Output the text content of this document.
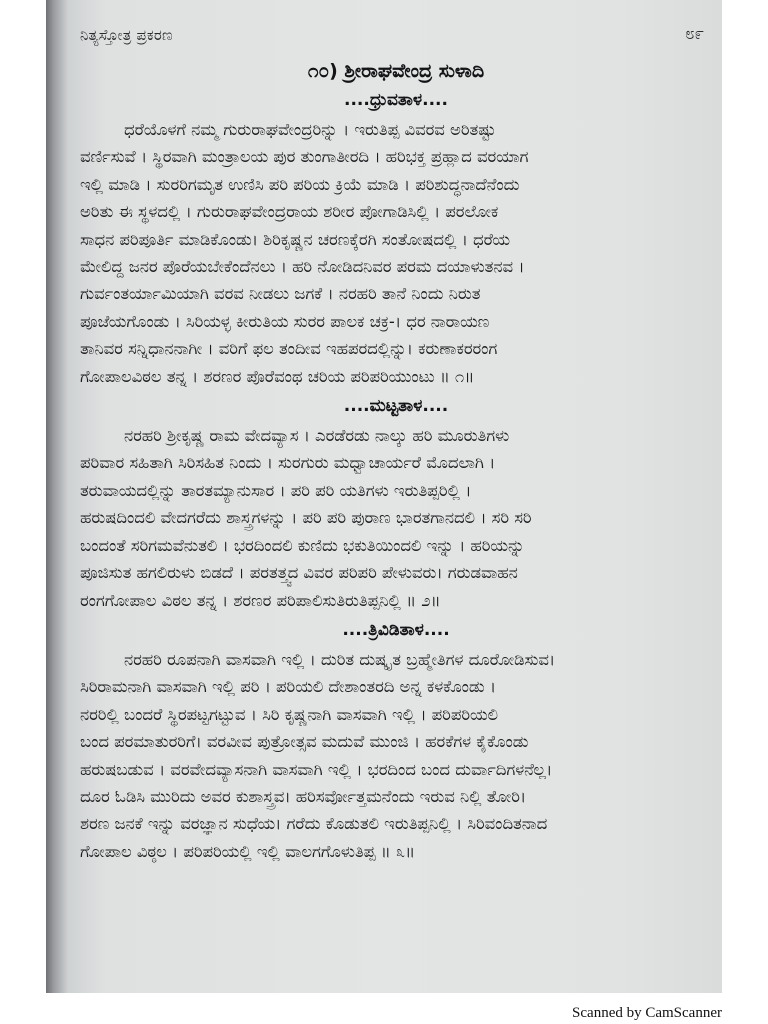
ನಿತ್ಯಸ್ತೋತ್ರ ಪ್ರಕರಣ	೮೯
೧೦) ಶ್ರೀರಾಘವೇಂದ್ರ ಸುಳಾದಿ
....ಧ್ರುವತಾಳ....
ಧರೆಯೊಳಗೆ ನಮ್ಮ ಗುರುರಾಘವೇಂದ್ರರಿನ್ನು । ಇರುತಿಪ್ಪ ವಿವರವ ಅರಿತಷ್ಟು
ವರ್ಣಿಸುವೆ । ಸ್ಥಿರವಾಗಿ ಮಂತ್ರಾಲಯ ಪುರ ತುಂಗಾತೀರದಿ । ಹರಿಭಕ್ತ ಪ್ರಹ್ಲಾದ ವರಯಾಗ
ಇಲ್ಲಿ ಮಾಡಿ । ಸುರರಿಗಮೃತ ಉಣಿಸಿ ಪರಿ ಪರಿಯ ಕ್ರಿಯೆ ಮಾಡಿ । ಪರಿಶುದ್ಧನಾದೆನೆಂದು
ಅರಿತು ಈ ಸ್ಥಳದಲ್ಲಿ । ಗುರುರಾಘವೇಂದ್ರರಾಯ ಶರೀರ ಪೋಗಾಡಿಸಿಲ್ಲಿ । ಪರಲೋಕ
ಸಾಧನ ಪರಿಪೂರ್ತಿ ಮಾಡಿಕೊಂಡು। ಶಿರಿಕೃಷ್ಣನ ಚರಣಕ್ಕೆರಗಿ ಸಂತೋಷದಲ್ಲಿ । ಧರೆಯ
ಮೇಲಿದ್ದ ಜನರ ಪೊರೆಯಬೇಕೆಂದೆನಲು । ಹರಿ ನೋಡಿದನಿವರ ಪರಮ ದಯಾಳುತನವ ।
ಗುರ್ವಂತರ್ಯಾಮಿಯಾಗಿ ವರವ ನೀಡಲು ಜಗಕೆ । ನರಹರಿ ತಾನೆ ನಿಂದು ನಿರುತ
ಪೂಜೆಯಗೊಂಡು । ಸಿರಿಯಳ್ಳ ಕೀರುತಿಯ ಸುರರ ಪಾಲಕ ಚಕ್ರ-। ಧರ ನಾರಾಯಣ
ತಾನಿವರ ಸನ್ನಿಧಾನನಾಗೀ । ವರಿಗೆ ಫಲ ತಂದೀವ ಇಹಪರದಲ್ಲಿನ್ನು। ಕರುಣಾಕರರಂಗ
ಗೋಪಾಲವಿಠಲ ತನ್ನ । ಶರಣರ ಪೊರೆವಂಥ ಚರಿಯ ಪರಿಪರಿಯುಂಟು ॥ ೧॥
....ಮಟ್ಟತಾಳ....
ನರಹರಿ ಶ್ರೀಕೃಷ್ಣ ರಾಮ ವೇದವ್ಯಾಸ । ಎರಡೆರಡು ನಾಲ್ಕು ಹರಿ ಮೂರುತಿಗಳು
ಪರಿವಾರ ಸಹಿತಾಗಿ ಸಿರಿಸಹಿತ ನಿಂದು । ಸುರಗುರು ಮಧ್ವಾಚಾರ್ಯರೆ ಮೊದಲಾಗಿ ।
ತರುವಾಯದಲ್ಲಿನ್ನು ತಾರತಮ್ಯಾನುಸಾರ । ಪರಿ ಪರಿ ಯತಿಗಳು ಇರುತಿಪ್ಪರಿಲ್ಲಿ ।
ಹರುಷದಿಂದಲಿ ವೇದಗರೆದು ಶಾಸ್ತ್ರಗಳನ್ನು । ಪರಿ ಪರಿ ಪುರಾಣ ಭಾರತಗಾನದಲಿ । ಸರಿ ಸರಿ
ಬಂದಂತೆ ಸರಿಗಮವೆನುತಲಿ । ಭರದಿಂದಲಿ ಕುಣಿದು ಭಕುತಿಯಿಂದಲಿ ಇನ್ನು । ಹರಿಯನ್ನು
ಪೂಜಿಸುತ ಹಗಲಿರುಳು ಬಿಡದೆ । ಪರತತ್ತ್ವದ ವಿವರ ಪರಿಪರಿ ಪೇಳುವರು। ಗರುಡವಾಹನ
ರಂಗಗೋಪಾಲ ವಿಠಲ ತನ್ನ । ಶರಣರ ಪರಿಪಾಲಿಸುತಿರುತಿಪ್ಪನಿಲ್ಲಿ ॥ ೨॥
....ತ್ರಿವಿಡಿತಾಳ....
ನರಹರಿ ರೂಪನಾಗಿ ವಾಸವಾಗಿ ಇಲ್ಲಿ । ದುರಿತ ದುಷ್ಕೃತ ಬ್ರಹ್ಮೇತಿಗಳ ದೂರೋಡಿಸುವ।
ಸಿರಿರಾಮನಾಗಿ ವಾಸವಾಗಿ ಇಲ್ಲಿ ಪರಿ । ಪರಿಯಲಿ ದೇಶಾಂತರದಿ ಅನ್ನ ಕಳಕೊಂಡು ।
ನರರಿಲ್ಲಿ ಬಂದರೆ ಸ್ಥಿರಪಟ್ಟಗಟ್ಟುವ । ಸಿರಿ ಕೃಷ್ಣನಾಗಿ ವಾಸವಾಗಿ ಇಲ್ಲಿ । ಪರಿಪರಿಯಲಿ
ಬಂದ ಪರಮಾತುರರಿಗೆ। ವರವೀವ ಪುತ್ರೋತ್ಸವ ಮದುವೆ ಮುಂಜಿ । ಹರಕೆಗಳ ಕೈಕೊಂಡು
ಹರುಷಬಡುವ । ವರವೇದವ್ಯಾಸನಾಗಿ ವಾಸವಾಗಿ ಇಲ್ಲಿ । ಭರದಿಂದ ಬಂದ ದುರ್ವಾದಿಗಳನೆಲ್ಲ।
ದೂರ ಓಡಿಸಿ ಮುರಿದು ಅವರ ಕುಶಾಸ್ತ್ರವ। ಹರಿಸರ್ವೋತ್ತಮನೆಂದು ಇರುವ ನಿಲ್ಲಿ ತೋರಿ।
ಶರಣ ಜನಕೆ ಇನ್ನು ವರಜ್ಞಾನ ಸುಧೆಯ। ಗರೆದು ಕೊಡುತಲಿ ಇರುತಿಪ್ಪನಿಲ್ಲಿ । ಸಿರಿವಂದಿತನಾದ
ಗೋಪಾಲ ವಿಠ್ಠಲ । ಪರಿಪರಿಯಲ್ಲಿ ಇಲ್ಲಿ ವಾಲಗಗೊಳುತಿಪ್ಪ ॥ ೩॥
Scanned by CamScanner
